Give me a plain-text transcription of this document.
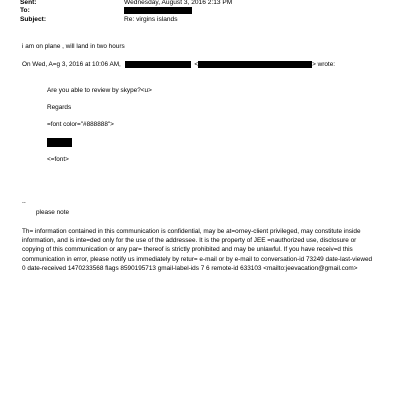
Sent:	Wednesday, August 3, 2016 2:13 PM
To:
Subject:	Re: virgins islands
i am on plane , will land in two hours
On Wed, A=g 3, 2016 at 10:06 AM,	<	> wrote:
Are you able to review by skype?<u>
Regards
=font color="#888888">
<=font>
--
please note
Th= information contained in this communication is confidential, may be at=orney-client privileged, may constitute inside information, and is inte=ded only for the use of the addressee. It is the property of JEE =nauthorized use, disclosure or copying of this communication or any par= thereof is strictly prohibited and may be unlawful. If you have receiv=d this communication in error, please notify us immediately by retur= e-mail or by e-mail to conversation-id 73249 date-last-viewed 0 date-received 1470233568 flags 8590195713 gmail-label-ids 7 6 remote-id 633103 <mailto:jeevacation@gmail.com>
